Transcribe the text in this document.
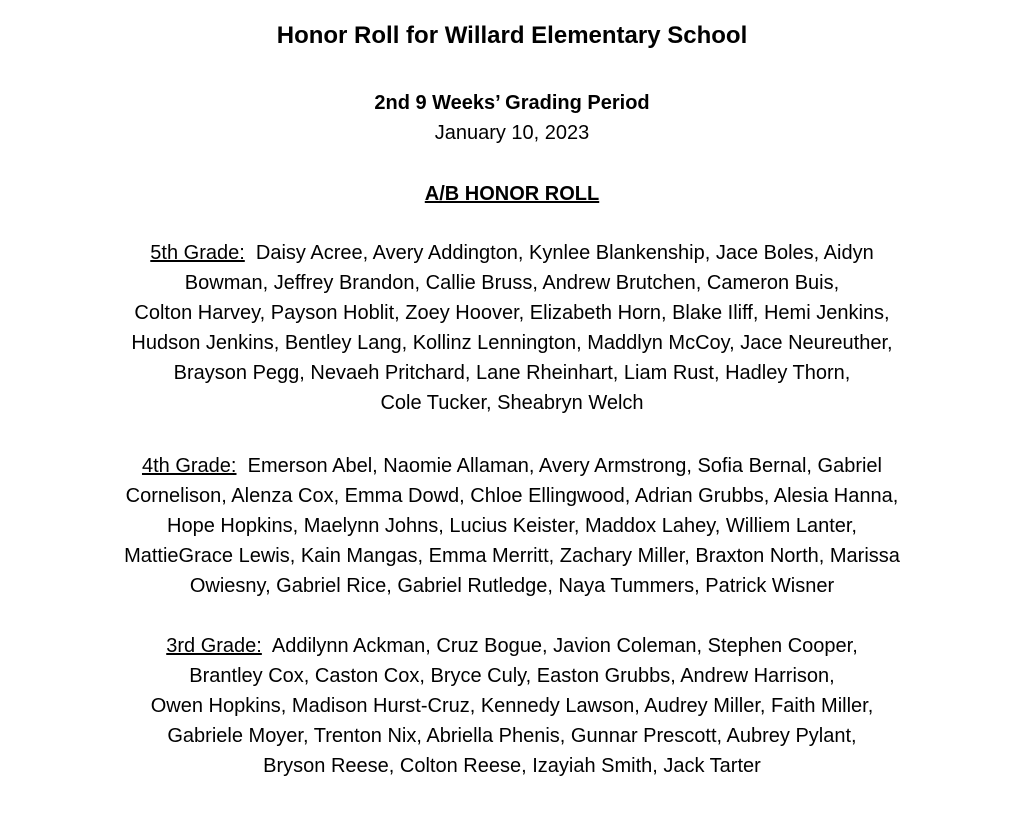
Honor Roll for Willard Elementary School
2nd 9 Weeks’ Grading Period
January 10, 2023
A/B HONOR ROLL
5th Grade: Daisy Acree, Avery Addington, Kynlee Blankenship, Jace Boles, Aidyn
Bowman, Jeffrey Brandon, Callie Bruss, Andrew Brutchen, Cameron Buis,
Colton Harvey, Payson Hoblit, Zoey Hoover, Elizabeth Horn, Blake Iliff, Hemi Jenkins,
Hudson Jenkins, Bentley Lang, Kollinz Lennington, Maddlyn McCoy, Jace Neureuther,
Brayson Pegg, Nevaeh Pritchard, Lane Rheinhart, Liam Rust, Hadley Thorn,
Cole Tucker, Sheabryn Welch
4th Grade: Emerson Abel, Naomie Allaman, Avery Armstrong, Sofia Bernal, Gabriel
Cornelison, Alenza Cox, Emma Dowd, Chloe Ellingwood, Adrian Grubbs, Alesia Hanna,
Hope Hopkins, Maelynn Johns, Lucius Keister, Maddox Lahey, Williem Lanter,
MattieGrace Lewis, Kain Mangas, Emma Merritt, Zachary Miller, Braxton North, Marissa
Owiesny, Gabriel Rice, Gabriel Rutledge, Naya Tummers, Patrick Wisner
3rd Grade: Addilynn Ackman, Cruz Bogue, Javion Coleman, Stephen Cooper,
Brantley Cox, Caston Cox, Bryce Culy, Easton Grubbs, Andrew Harrison,
Owen Hopkins, Madison Hurst-Cruz, Kennedy Lawson, Audrey Miller, Faith Miller,
Gabriele Moyer, Trenton Nix, Abriella Phenis, Gunnar Prescott, Aubrey Pylant,
Bryson Reese, Colton Reese, Izayiah Smith, Jack Tarter
